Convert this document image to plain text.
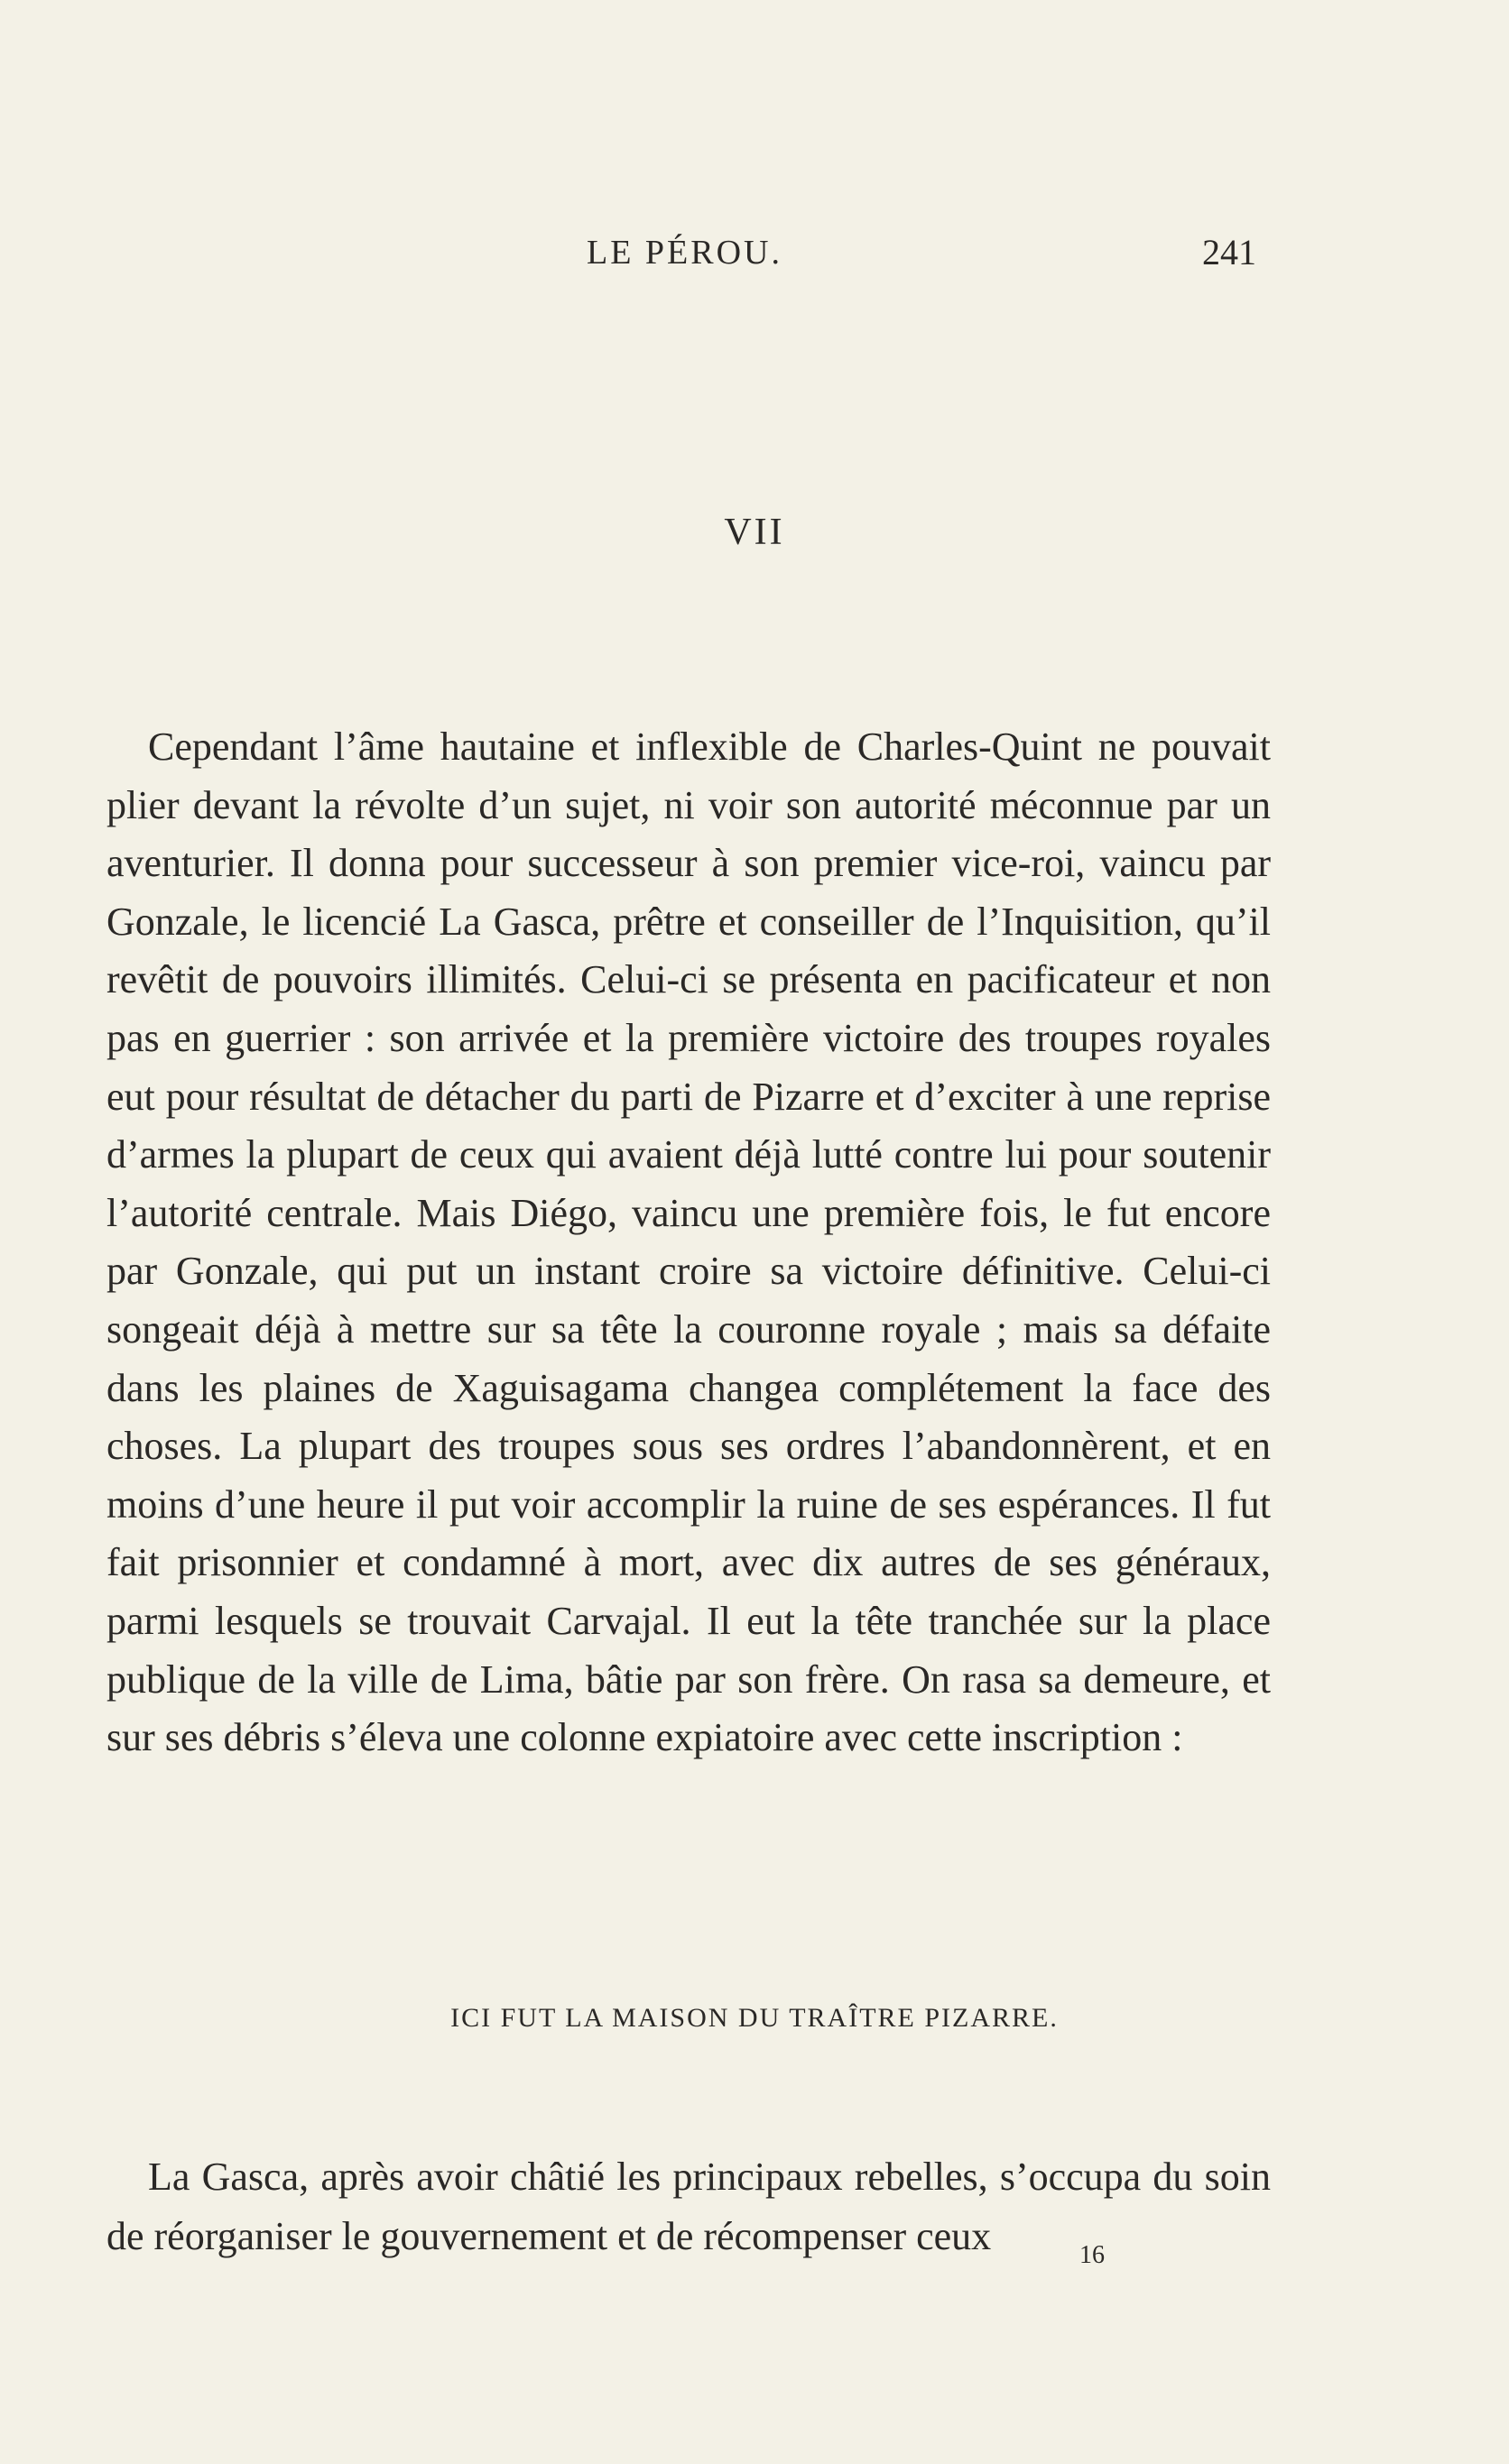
LE PÉROU.	241
VII

Cependant l’âme hautaine et inflexible de Charles-Quint ne pouvait plier devant la révolte d’un sujet, ni voir son autorité méconnue par un aventurier. Il donna pour successeur à son premier vice-roi, vaincu par Gonzale, le licencié La Gasca, prêtre et conseiller de l’Inquisition, qu’il revêtit de pouvoirs illimités. Celui-ci se présenta en pacificateur et non pas en guerrier : son arrivée et la première victoire des troupes royales eut pour résultat de détacher du parti de Pizarre et d’exciter à une reprise d’armes la plupart de ceux qui avaient déjà lutté contre lui pour soutenir l’autorité centrale. Mais Diégo, vaincu une première fois, le fut encore par Gonzale, qui put un instant croire sa victoire définitive. Celui-ci songeait déjà à mettre sur sa tête la couronne royale ; mais sa défaite dans les plaines de Xaguisagama changea complétement la face des choses. La plupart des troupes sous ses ordres l’abandonnèrent, et en moins d’une heure il put voir accomplir la ruine de ses espérances. Il fut fait prisonnier et condamné à mort, avec dix autres de ses généraux, parmi lesquels se trouvait Carvajal. Il eut la tête tranchée sur la place publique de la ville de Lima, bâtie par son frère. On rasa sa demeure, et sur ses débris s’éleva une colonne expiatoire avec cette inscription :

ICI FUT LA MAISON DU TRAÎTRE PIZARRE.

La Gasca, après avoir châtié les principaux rebelles, s’occupa du soin de réorganiser le gouvernement et de récompenser ceux	16
